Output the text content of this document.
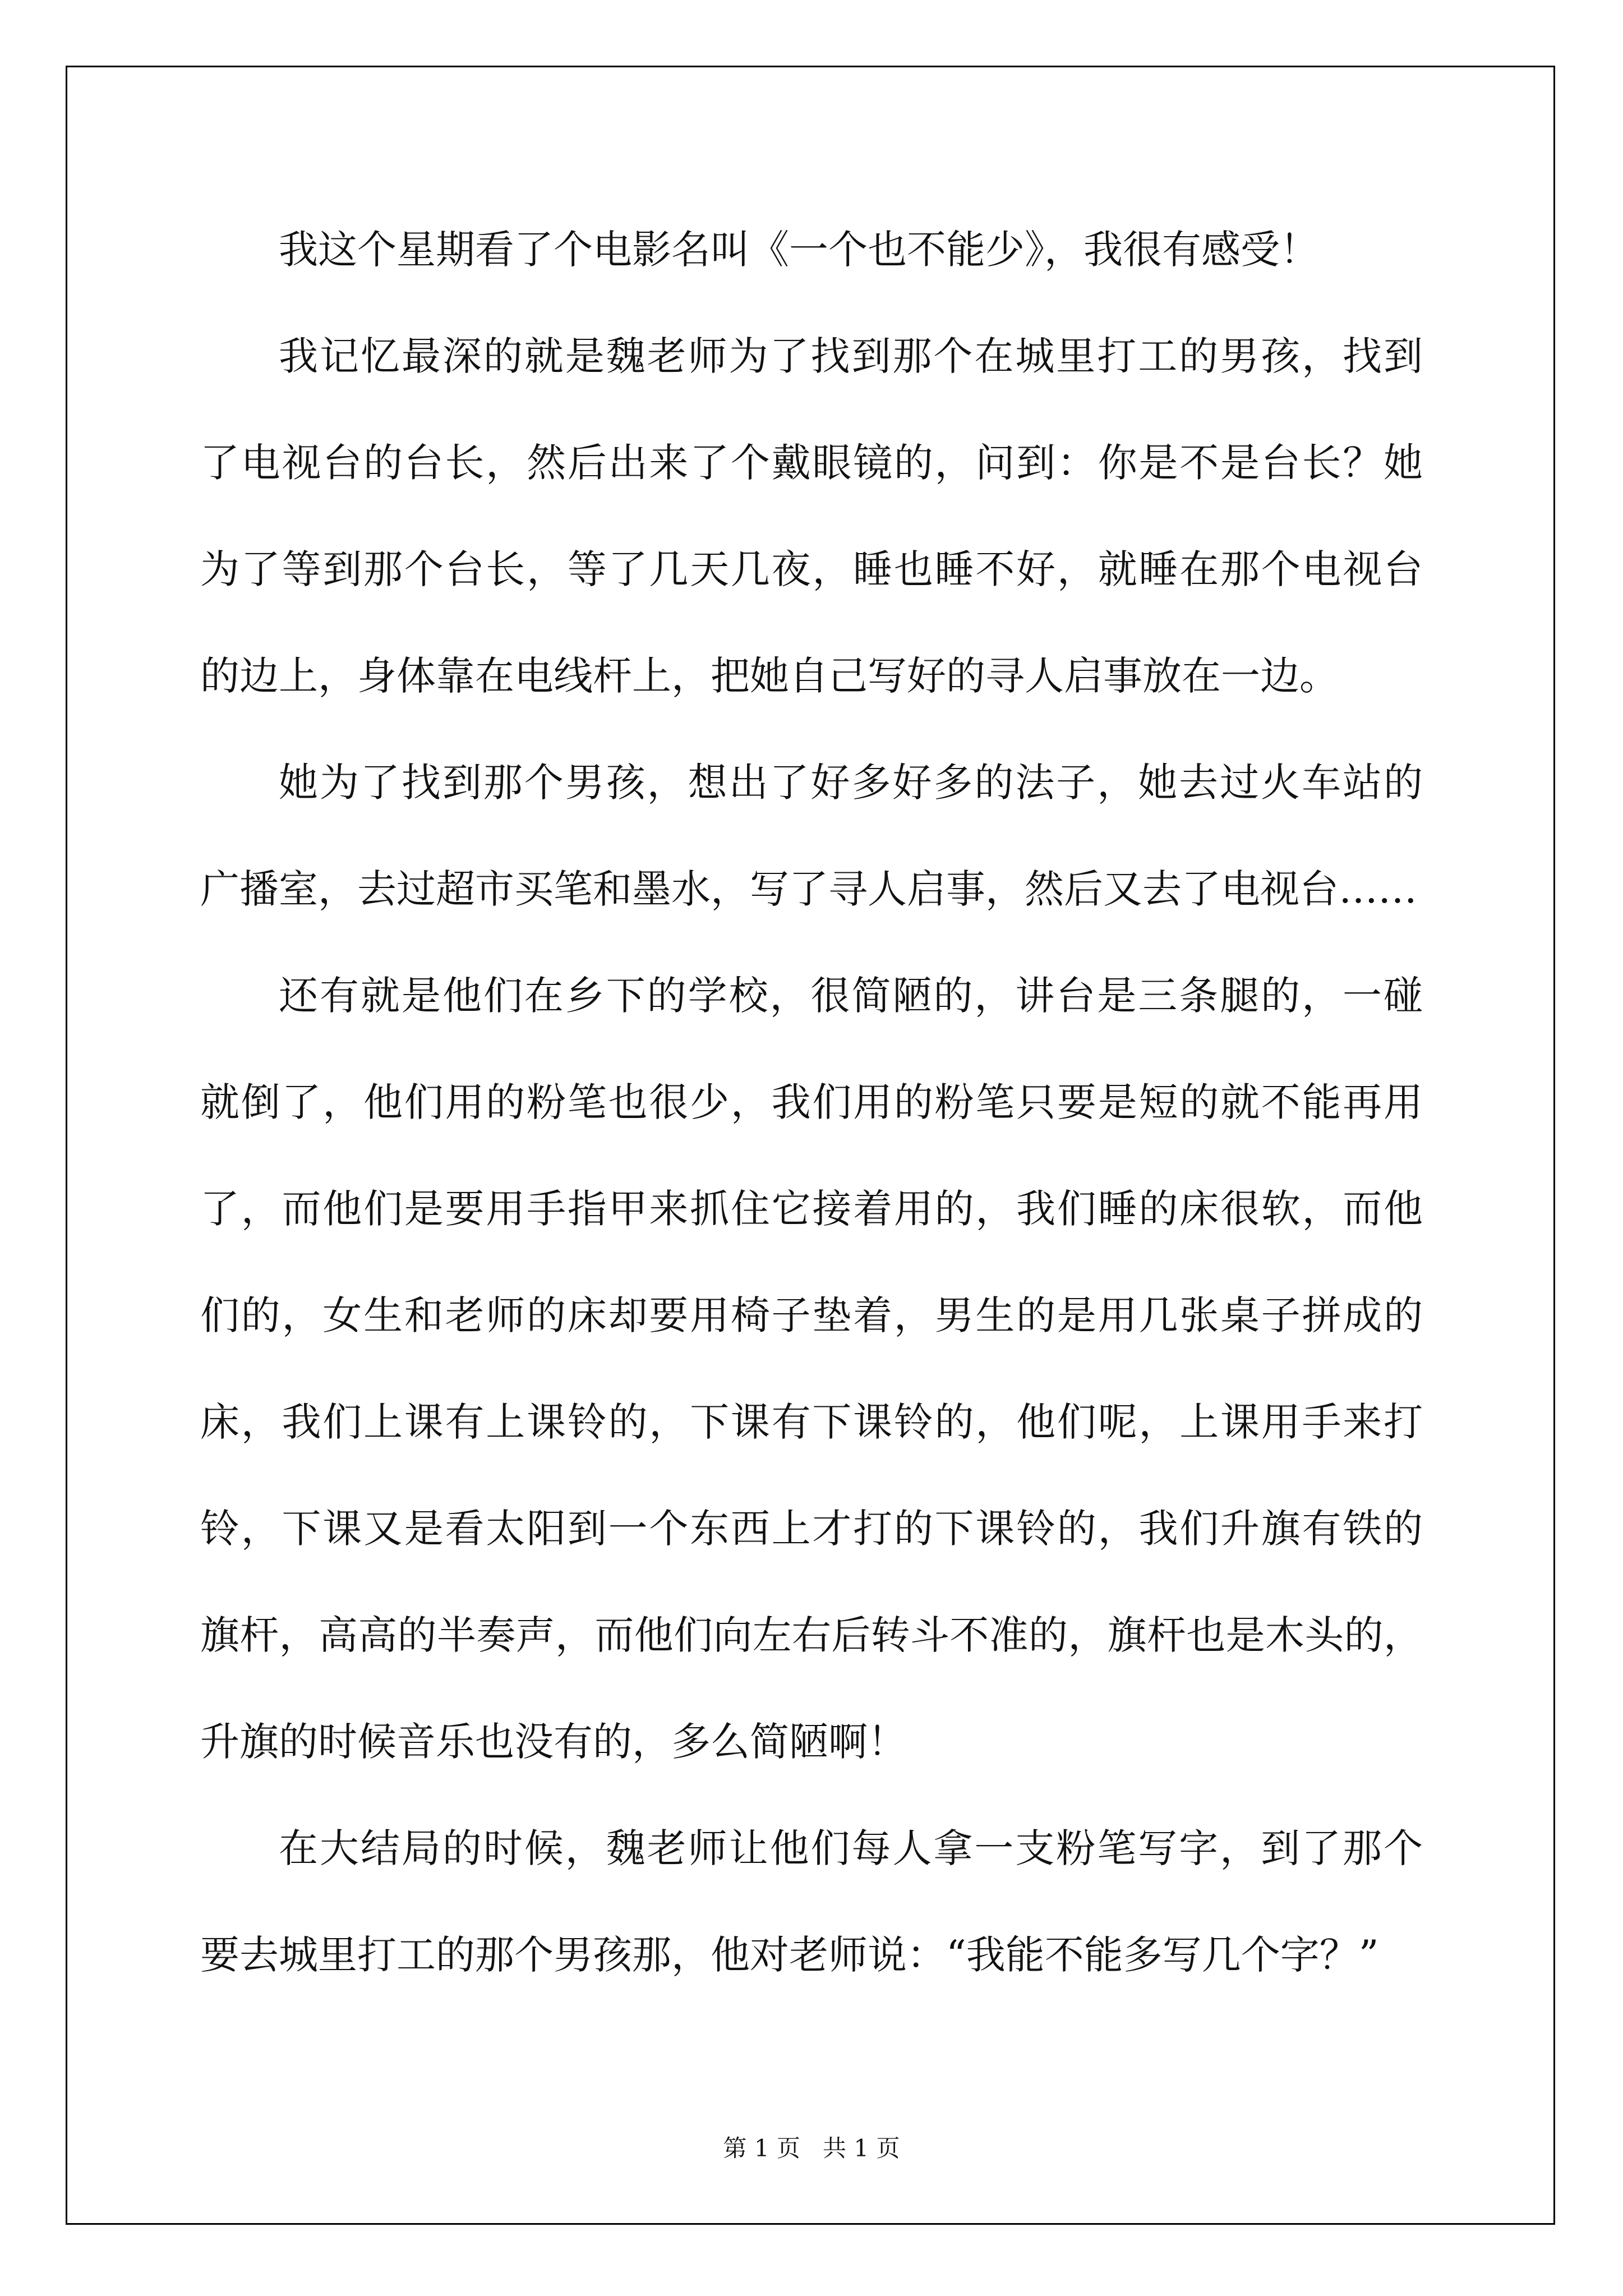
我这个星期看了个电影名叫《一个也不能少》，我很有感受！
我记忆最深的就是魏老师为了找到那个在城里打工的男孩，找到
了电视台的台长，然后出来了个戴眼镜的，问到：你是不是台长？她
为了等到那个台长，等了几天几夜，睡也睡不好，就睡在那个电视台
的边上，身体靠在电线杆上，把她自己写好的寻人启事放在一边。
她为了找到那个男孩，想出了好多好多的法子，她去过火车站的
广播室，去过超市买笔和墨水，写了寻人启事，然后又去了电视台……
还有就是他们在乡下的学校，很简陋的，讲台是三条腿的，一碰
就倒了，他们用的粉笔也很少，我们用的粉笔只要是短的就不能再用
了，而他们是要用手指甲来抓住它接着用的，我们睡的床很软，而他
们的，女生和老师的床却要用椅子垫着，男生的是用几张桌子拼成的
床，我们上课有上课铃的，下课有下课铃的，他们呢，上课用手来打
铃，下课又是看太阳到一个东西上才打的下课铃的，我们升旗有铁的
旗杆，高高的半奏声，而他们向左右后转斗不准的，旗杆也是木头的，
升旗的时候音乐也没有的，多么简陋啊！
在大结局的时候，魏老师让他们每人拿一支粉笔写字，到了那个
要去城里打工的那个男孩那，他对老师说：“我能不能多写几个字？”
第 1 页   共 1 页
